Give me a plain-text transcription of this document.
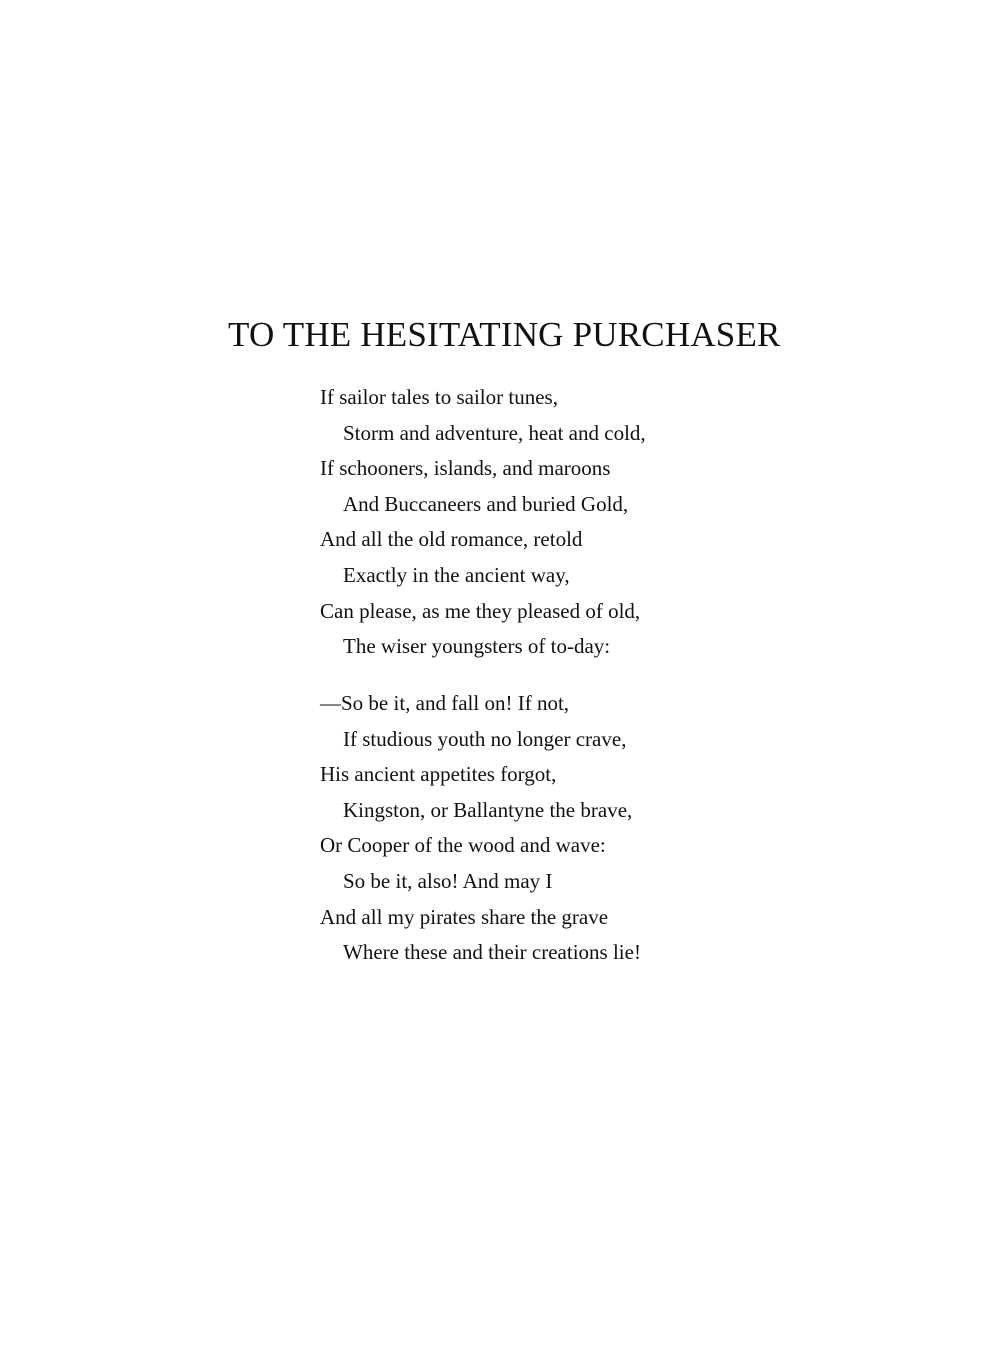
TO THE HESITATING PURCHASER
If sailor tales to sailor tunes,
Storm and adventure, heat and cold,
If schooners, islands, and maroons
And Buccaneers and buried Gold,
And all the old romance, retold
Exactly in the ancient way,
Can please, as me they pleased of old,
The wiser youngsters of to-day:
—So be it, and fall on! If not,
If studious youth no longer crave,
His ancient appetites forgot,
Kingston, or Ballantyne the brave,
Or Cooper of the wood and wave:
So be it, also! And may I
And all my pirates share the grave
Where these and their creations lie!
